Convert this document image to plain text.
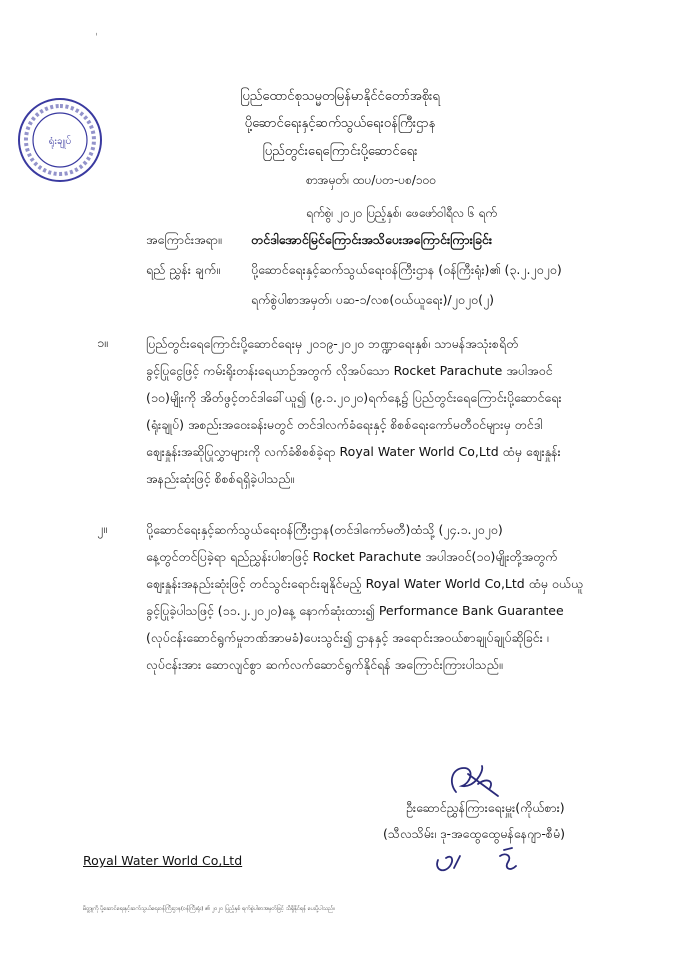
ˌ
ရုံးချုပ်
ပြည်ထောင်စုသမ္မတမြန်မာနိုင်ငံတော်အစိုးရ
ပို့ဆောင်ရေးနှင့်ဆက်သွယ်ရေးဝန်ကြီးဌာန
ပြည်တွင်းရေကြောင်းပို့ဆောင်ရေး
စာအမှတ်၊ ထပ/ပတ-ပစ/၁၀၀
ရက်စွဲ၊ ၂၀၂၀ ပြည့်နှစ်၊ ဖေဖော်ဝါရီလ ၆ ရက်
အကြောင်းအရာ။ တင်ဒါအောင်မြင်ကြောင်းအသိပေးအကြောင်းကြားခြင်း
ရည် ညွှန်း ချက်။ ပို့ဆောင်ရေးနှင့်ဆက်သွယ်ရေးဝန်ကြီးဌာန (ဝန်ကြီးရုံး)၏ (၃.၂.၂၀၂၀)
ရက်စွဲပါစာအမှတ်၊ ပဆ-၁/လစ(ဝယ်ယူရေး)/၂၀၂၀(၂)
၁။	ပြည်တွင်းရေကြောင်းပို့ဆောင်ရေးမှ ၂၀၁၉-၂၀၂၀ ဘဏ္ဍာရေးနှစ်၊ သာမန်အသုံးစရိတ်
ခွင့်ပြုငွေဖြင့် ကမ်းရိုးတန်းရေယာဉ်အတွက် လိုအပ်သော Rocket Parachute အပါအဝင်
(၁၀)မျိုးကို အိတ်ဖွင့်တင်ဒါခေါ်ယူ၍ (၉.၁.၂၀၂၀)ရက်နေ့၌ ပြည်တွင်းရေကြောင်းပို့ဆောင်ရေး
(ရုံးချုပ်) အစည်းအဝေးခန်းမတွင် တင်ဒါလက်ခံရေးနှင့် စိစစ်ရေးကော်မတီဝင်များမှ တင်ဒါ
ဈေးနှုန်းအဆိုပြုလွှာများကို လက်ခံစိစစ်ခဲ့ရာ Royal Water World Co,Ltd ထံမှ ဈေးနှုန်း
အနည်းဆုံးဖြင့် စိစစ်ရရှိခဲ့ပါသည်။
၂။	ပို့ဆောင်ရေးနှင့်ဆက်သွယ်ရေးဝန်ကြီးဌာန(တင်ဒါကော်မတီ)ထံသို့ (၂၄.၁.၂၀၂၀)
နေ့တွင်တင်ပြခဲ့ရာ ရည်ညွှန်းပါစာဖြင့် Rocket Parachute အပါအဝင်(၁၀)မျိုးတို့အတွက်
ဈေးနှုန်းအနည်းဆုံးဖြင့် တင်သွင်းရောင်းချနိုင်မည့် Royal Water World Co,Ltd ထံမှ ဝယ်ယူ
ခွင့်ပြုခဲ့ပါသဖြင့် (၁၁.၂.၂၀၂၀)နေ့ နောက်ဆုံးထား၍ Performance Bank Guarantee
(လုပ်ငန်းဆောင်ရွက်မှုဘဏ်အာမခံ)ပေးသွင်း၍ ဌာနနှင့် အရောင်းအဝယ်စာချုပ်ချုပ်ဆိုခြင်း ၊
လုပ်ငန်းအား ဆောလျင်စွာ ဆက်လက်ဆောင်ရွက်နိုင်ရန် အကြောင်းကြားပါသည်။
ဦးဆောင်ညွှန်ကြားရေးမှူး(ကိုယ်စား)
(သီလသိမ်း၊ ဒု-အထွေထွေမန်နေဂျာ-စီမံ)
Royal Water World Co,Ltd
မိတ္တူကို ပို့ဆောင်ရေးနှင့်ဆက်သွယ်ရေးဝန်ကြီးဌာန(ဝန်ကြီးရုံး) ၏ ၂၀၂၀ ပြည့်နှစ် ရက်စွဲပါစာအမှတ်ဖြင့် သိရှိနိုင်ရန် ပေးပို့ပါသည်။
